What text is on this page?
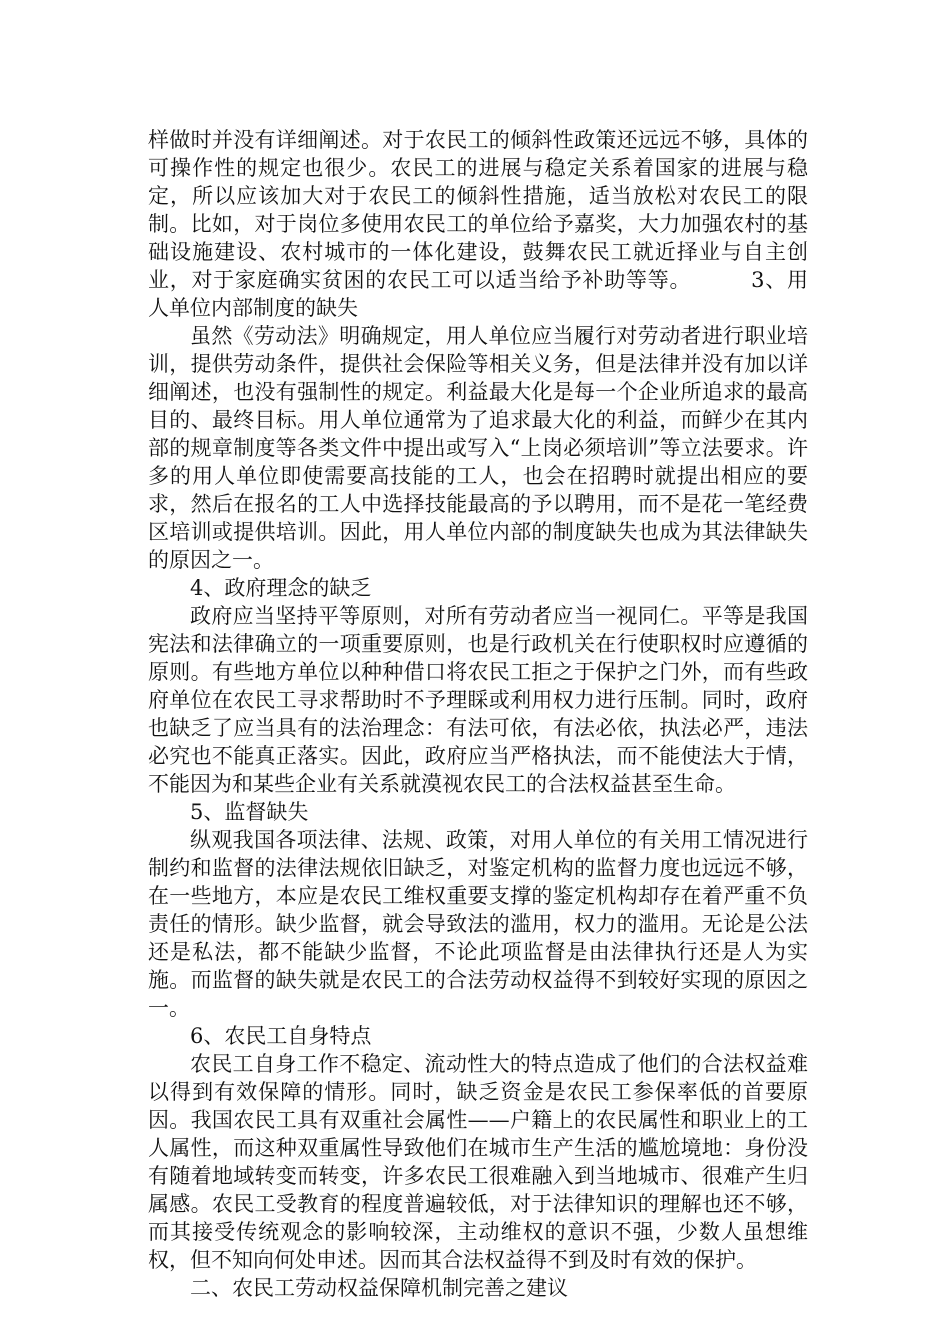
样做时并没有详细阐述。对于农民工的倾斜性政策还远远不够，具体的可操作性的规定也很少。农民工的进展与稳定关系着国家的进展与稳定，所以应该加大对于农民工的倾斜性措施，适当放松对农民工的限制。比如，对于岗位多使用农民工的单位给予嘉奖，大力加强农村的基础设施建设、农村城市的一体化建设，鼓舞农民工就近择业与自主创业，对于家庭确实贫困的农民工可以适当给予补助等等。	3、用人单位内部制度的缺失

虽然《劳动法》明确规定，用人单位应当履行对劳动者进行职业培训，提供劳动条件，提供社会保险等相关义务，但是法律并没有加以详细阐述，也没有强制性的规定。利益最大化是每一个企业所追求的最高目的、最终目标。用人单位通常为了追求最大化的利益，而鲜少在其内部的规章制度等各类文件中提出或写入“上岗必须培训”等立法要求。许多的用人单位即使需要高技能的工人，也会在招聘时就提出相应的要求，然后在报名的工人中选择技能最高的予以聘用，而不是花一笔经费区培训或提供培训。因此，用人单位内部的制度缺失也成为其法律缺失的原因之一。

4、政府理念的缺乏

政府应当坚持平等原则，对所有劳动者应当一视同仁。平等是我国宪法和法律确立的一项重要原则，也是行政机关在行使职权时应遵循的原则。有些地方单位以种种借口将农民工拒之于保护之门外，而有些政府单位在农民工寻求帮助时不予理睬或利用权力进行压制。同时，政府也缺乏了应当具有的法治理念：有法可依，有法必依，执法必严，违法必究也不能真正落实。因此，政府应当严格执法，而不能使法大于情，不能因为和某些企业有关系就漠视农民工的合法权益甚至生命。

5、监督缺失

纵观我国各项法律、法规、政策，对用人单位的有关用工情况进行制约和监督的法律法规依旧缺乏，对鉴定机构的监督力度也远远不够，在一些地方，本应是农民工维权重要支撑的鉴定机构却存在着严重不负责任的情形。缺少监督，就会导致法的滥用，权力的滥用。无论是公法还是私法，都不能缺少监督，不论此项监督是由法律执行还是人为实施。而监督的缺失就是农民工的合法劳动权益得不到较好实现的原因之一。

6、农民工自身特点

农民工自身工作不稳定、流动性大的特点造成了他们的合法权益难以得到有效保障的情形。同时，缺乏资金是农民工参保率低的首要原因。我国农民工具有双重社会属性——户籍上的农民属性和职业上的工人属性，而这种双重属性导致他们在城市生产生活的尴尬境地：身份没有随着地域转变而转变，许多农民工很难融入到当地城市、很难产生归属感。农民工受教育的程度普遍较低，对于法律知识的理解也还不够，而其接受传统观念的影响较深，主动维权的意识不强，少数人虽想维权，但不知向何处申述。因而其合法权益得不到及时有效的保护。

二、农民工劳动权益保障机制完善之建议
